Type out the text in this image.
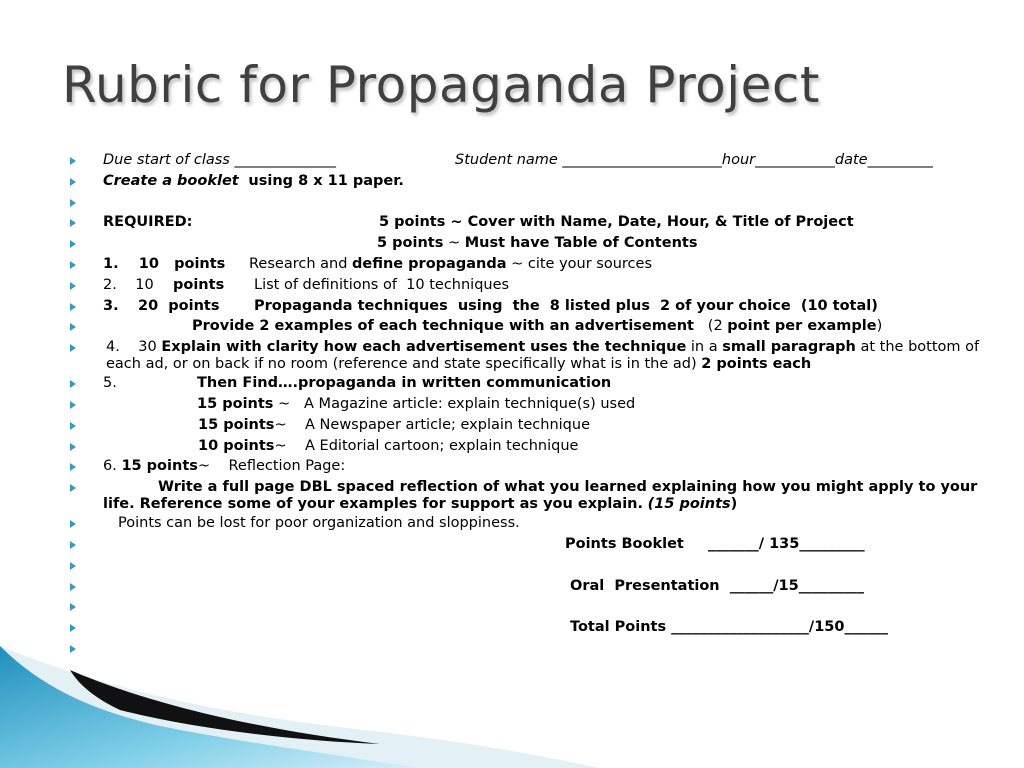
Rubric for Propaganda Project
Due start of class ______________	Student name ______________________hour___________date_________
Create a booklet using 8 x 11 paper.
REQUIRED:	5 points ~ Cover with Name, Date, Hour, & Title of Project
5 points ~ Must have Table of Contents
1.    10   points Research and define propaganda ~ cite your sources
2.    10 points List of definitions of  10 techniques
3. 20  points Propaganda techniques  using  the  8 listed plus  2 of your choice  (10 total)
Provide 2 examples of each technique with an advertisement (2 point per example)
4.    30 Explain with clarity how each advertisement uses the technique in a small paragraph at the bottom of each ad, or on back if no room (reference and state specifically what is in the ad) 2 points each
5.	Then Find….propaganda in written communication
15 points ~ A Magazine article: explain technique(s) used
15 points~ A Newspaper article; explain technique
10 points~ A Editorial cartoon; explain technique
6. 15 points~ Reflection Page:
Write a full page DBL spaced reflection of what you learned explaining how you might apply to your life. Reference some of your examples for support as you explain. (15 points)
Points can be lost for poor organization and sloppiness.
Points Booklet _______/ 135_________
Oral  Presentation  ______/15_________
Total Points ___________________/150______
